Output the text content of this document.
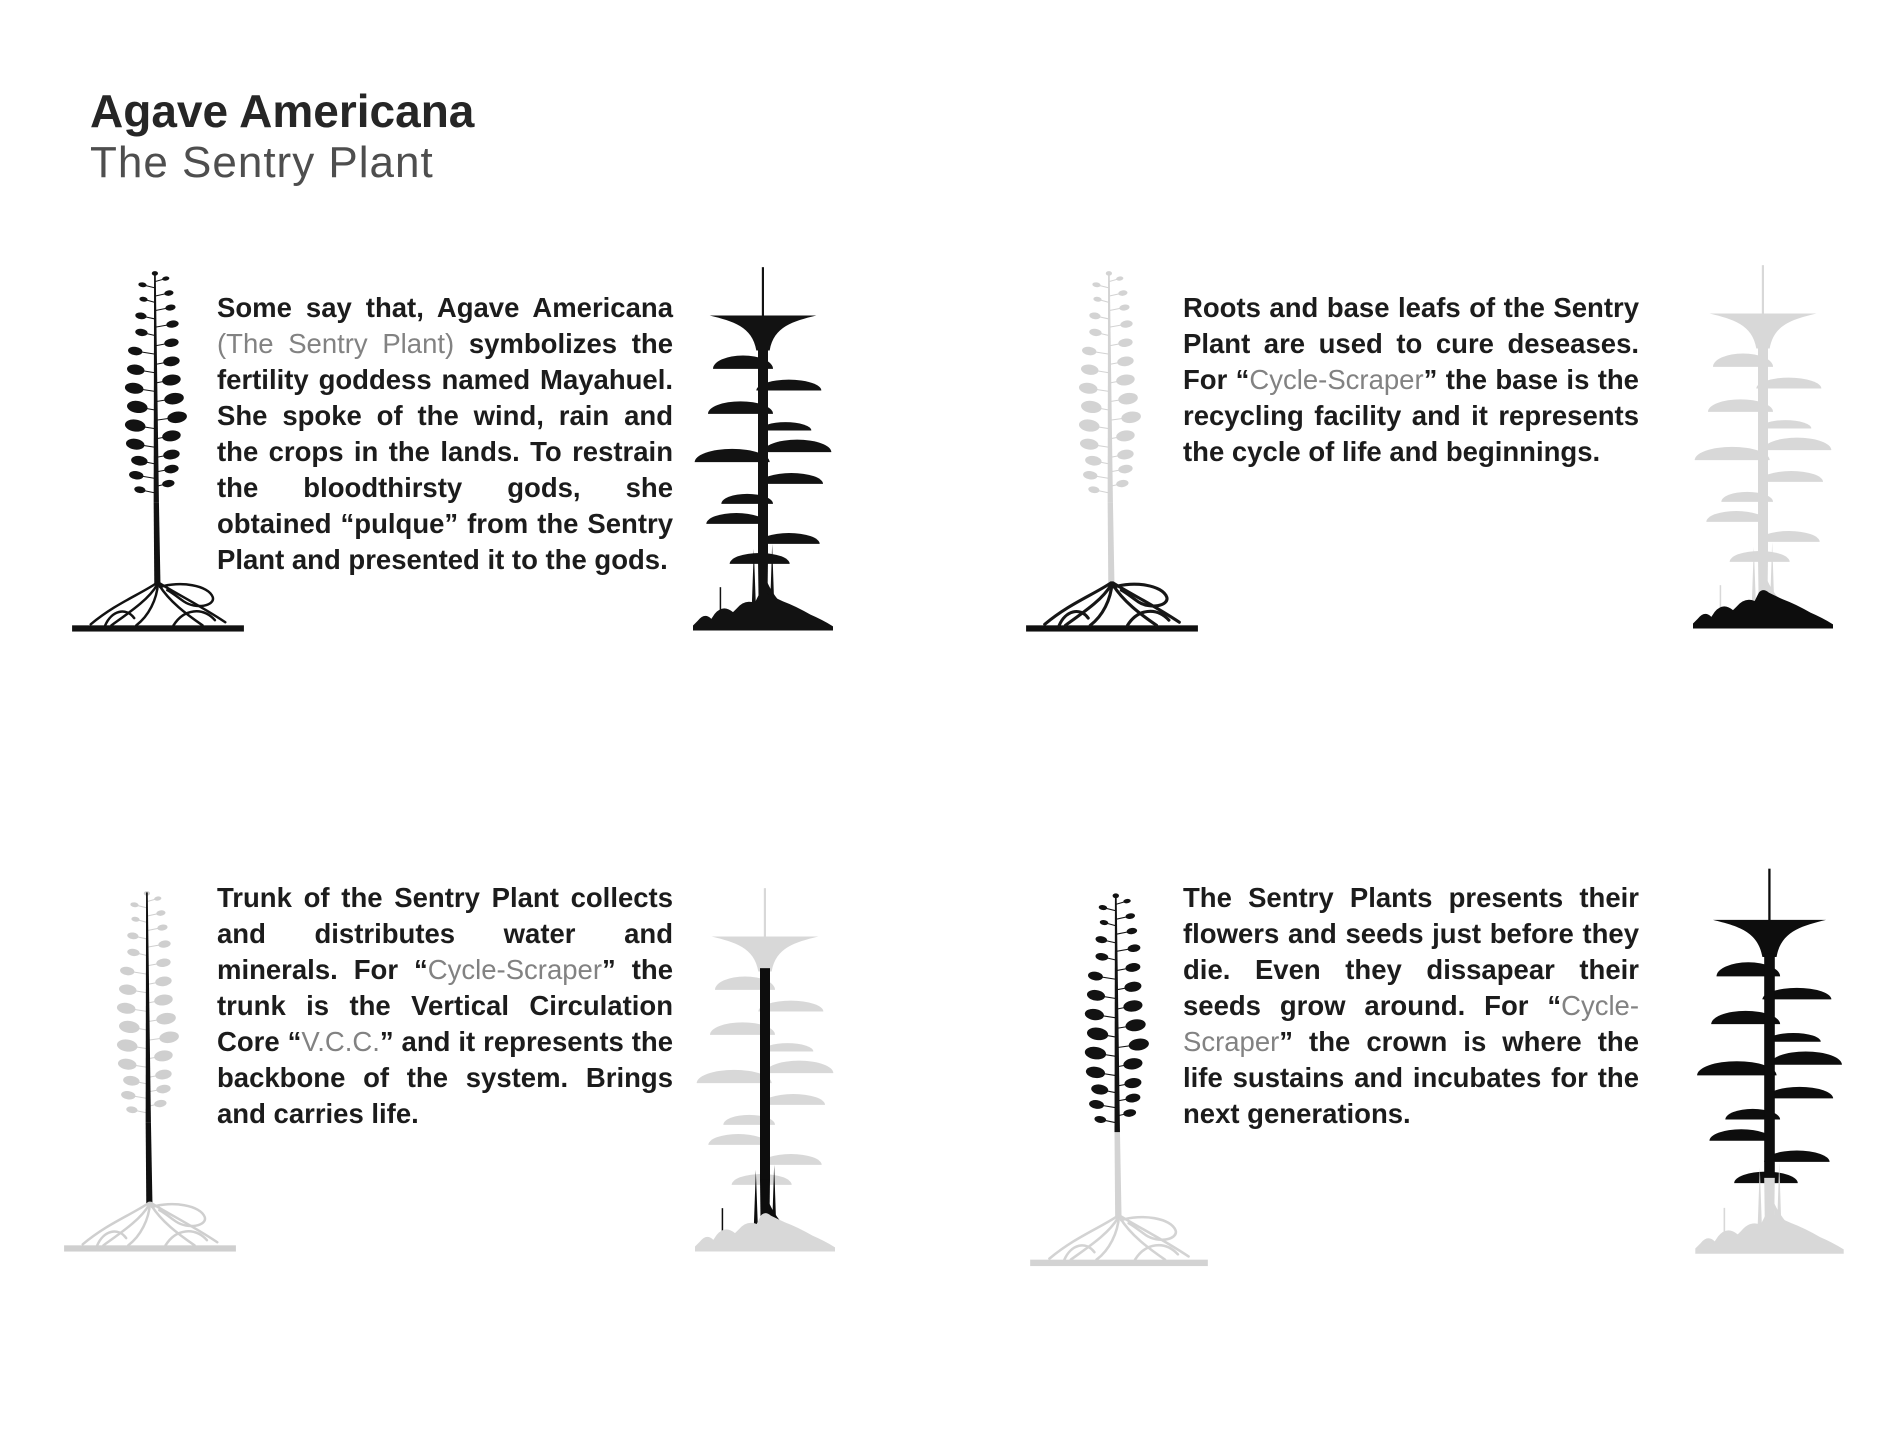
Agave Americana
The Sentry Plant

Some say that, Agave Americana (The Sentry Plant) symbolizes the fertility goddess named Mayahuel. She spoke of the wind, rain and the crops in the lands. To restrain the bloodthirsty gods, she obtained “pulque” from the Sentry Plant and presented it to the gods.

Roots and base leafs of the Sentry Plant are used to cure deseases. For “Cycle-Scraper” the base is the recycling facility and it represents the cycle of life and beginnings.

Trunk of the Sentry Plant collects and distributes water and minerals. For “Cycle-Scraper” the trunk is the Vertical Circulation Core “V.C.C.” and it represents the backbone of the system. Brings and carries life.

The Sentry Plants presents their flowers and seeds just before they die. Even they dissapear their seeds grow around. For “Cycle-Scraper” the crown is where the life sustains and incubates for the next generations.
